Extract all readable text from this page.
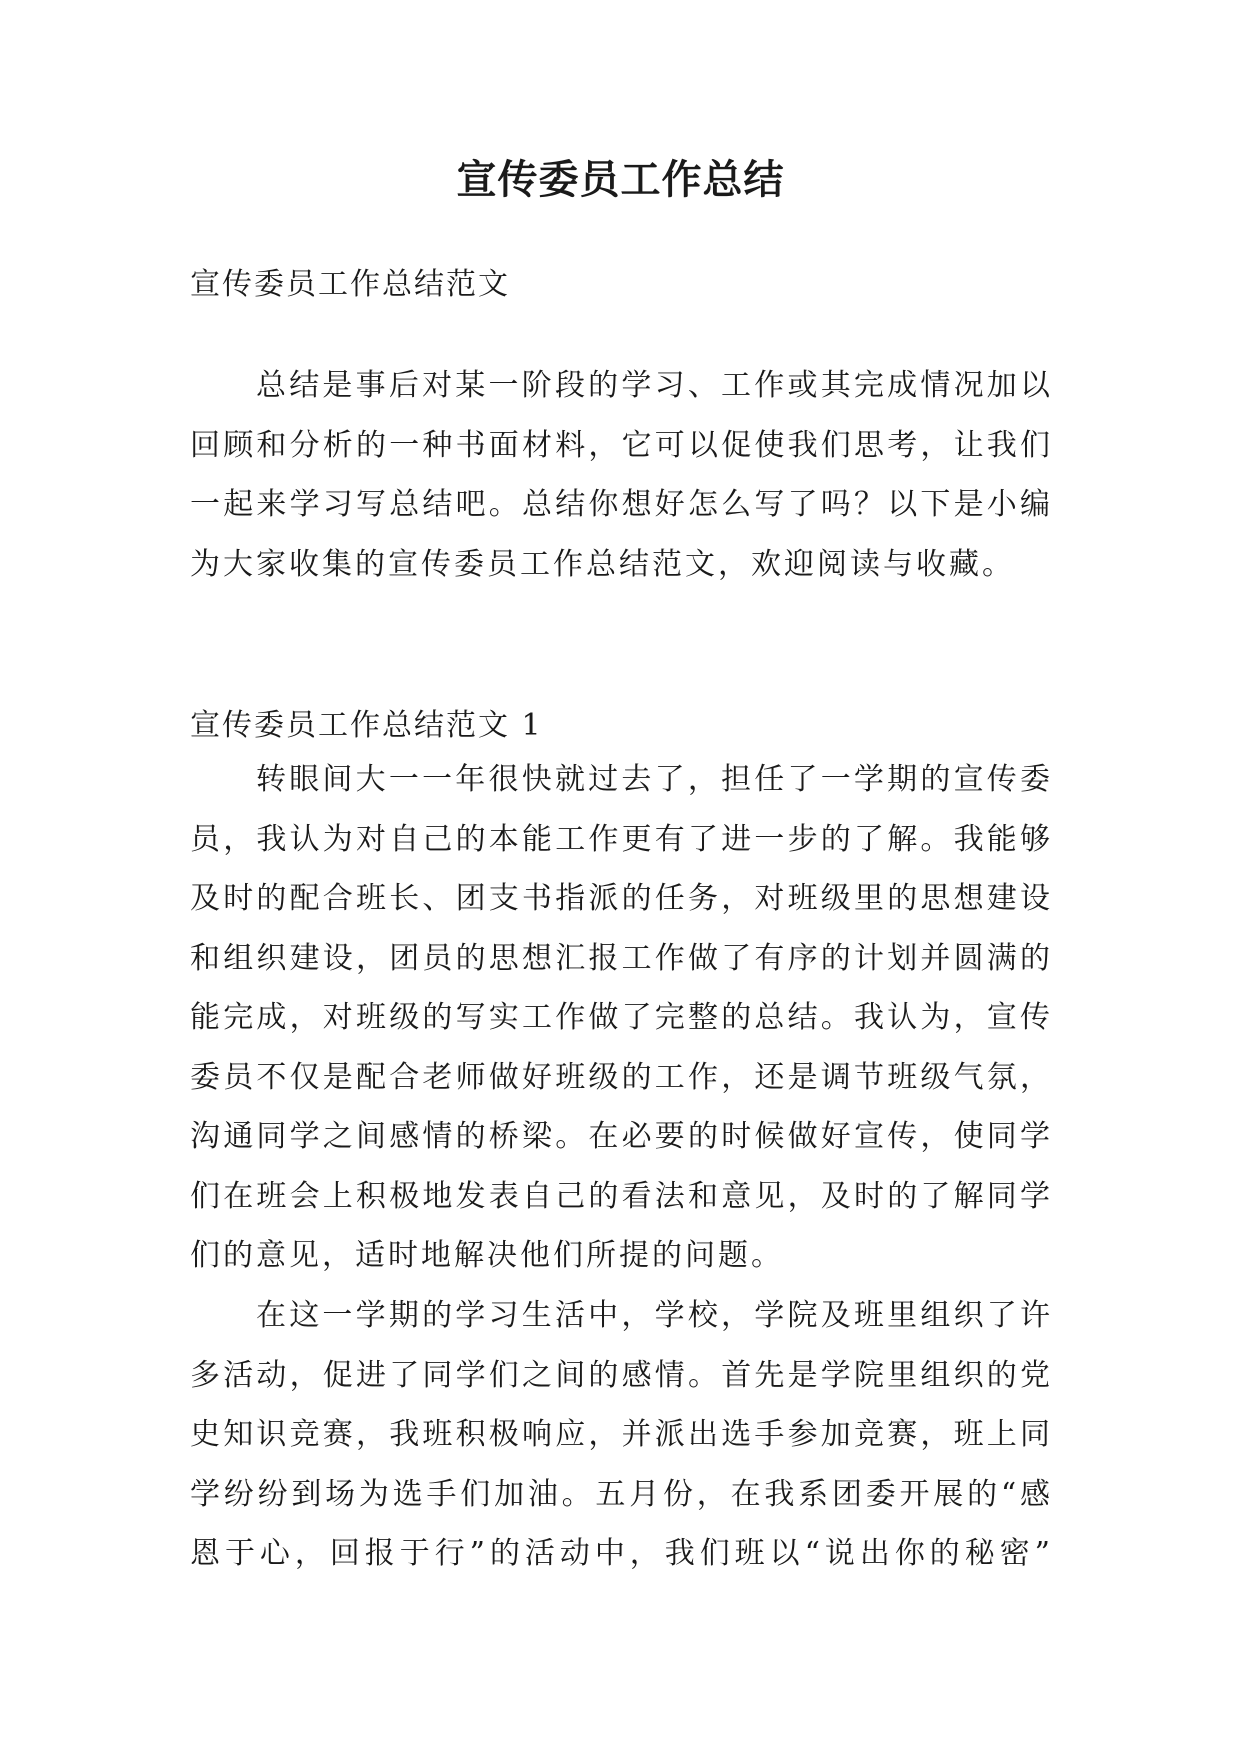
宣传委员工作总结
宣传委员工作总结范文
总结是事后对某一阶段的学习、工作或其完成情况加以
回顾和分析的一种书面材料，它可以促使我们思考，让我们
一起来学习写总结吧。总结你想好怎么写了吗？以下是小编
为大家收集的宣传委员工作总结范文，欢迎阅读与收藏。
宣传委员工作总结范文 1
转眼间大一一年很快就过去了，担任了一学期的宣传委
员，我认为对自己的本能工作更有了进一步的了解。我能够
及时的配合班长、团支书指派的任务，对班级里的思想建设
和组织建设，团员的思想汇报工作做了有序的计划并圆满的
能完成，对班级的写实工作做了完整的总结。我认为，宣传
委员不仅是配合老师做好班级的工作，还是调节班级气氛，
沟通同学之间感情的桥梁。在必要的时候做好宣传，使同学
们在班会上积极地发表自己的看法和意见，及时的了解同学
们的意见，适时地解决他们所提的问题。
在这一学期的学习生活中，学校，学院及班里组织了许
多活动，促进了同学们之间的感情。首先是学院里组织的党
史知识竞赛，我班积极响应，并派出选手参加竞赛，班上同
学纷纷到场为选手们加油。五月份，在我系团委开展的“感
恩于心，回报于行”的活动中，我们班以“说出你的秘密”
